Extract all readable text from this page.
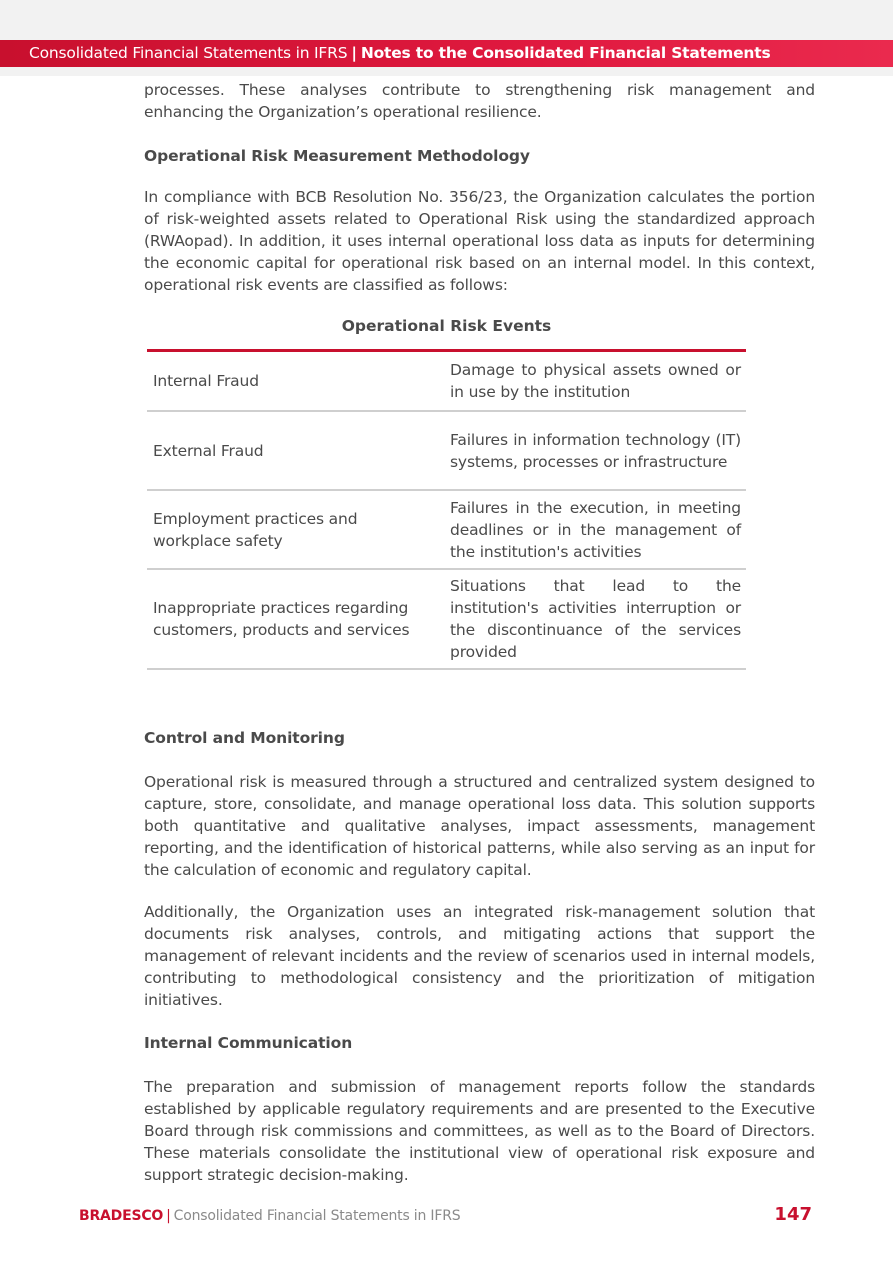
Consolidated Financial Statements in IFRS | Notes to the Consolidated Financial Statements

processes. These analyses contribute to strengthening risk management and enhancing the Organization’s operational resilience.

Operational Risk Measurement Methodology

In compliance with BCB Resolution No. 356/23, the Organization calculates the portion of risk-weighted assets related to Operational Risk using the standardized approach (RWAopad). In addition, it uses internal operational loss data as inputs for determining the economic capital for operational risk based on an internal model. In this context, operational risk events are classified as follows:

Operational Risk Events
Internal Fraud	Damage to physical assets owned or in use by the institution
External Fraud	Failures in information technology (IT) systems, processes or infrastructure
Employment practices and workplace safety	Failures in the execution, in meeting deadlines or in the management of the institution's activities
Inappropriate practices regarding customers, products and services	Situations that lead to the institution's activities interruption or the discontinuance of the services provided
Control and Monitoring

Operational risk is measured through a structured and centralized system designed to capture, store, consolidate, and manage operational loss data. This solution supports both quantitative and qualitative analyses, impact assessments, management reporting, and the identification of historical patterns, while also serving as an input for the calculation of economic and regulatory capital.

Additionally, the Organization uses an integrated risk-management solution that documents risk analyses, controls, and mitigating actions that support the management of relevant incidents and the review of scenarios used in internal models, contributing to methodological consistency and the prioritization of mitigation initiatives.

Internal Communication

The preparation and submission of management reports follow the standards established by applicable regulatory requirements and are presented to the Executive Board through risk commissions and committees, as well as to the Board of Directors. These materials consolidate the institutional view of operational risk exposure and support strategic decision-making.

BRADESCO | Consolidated Financial Statements in IFRS	147
